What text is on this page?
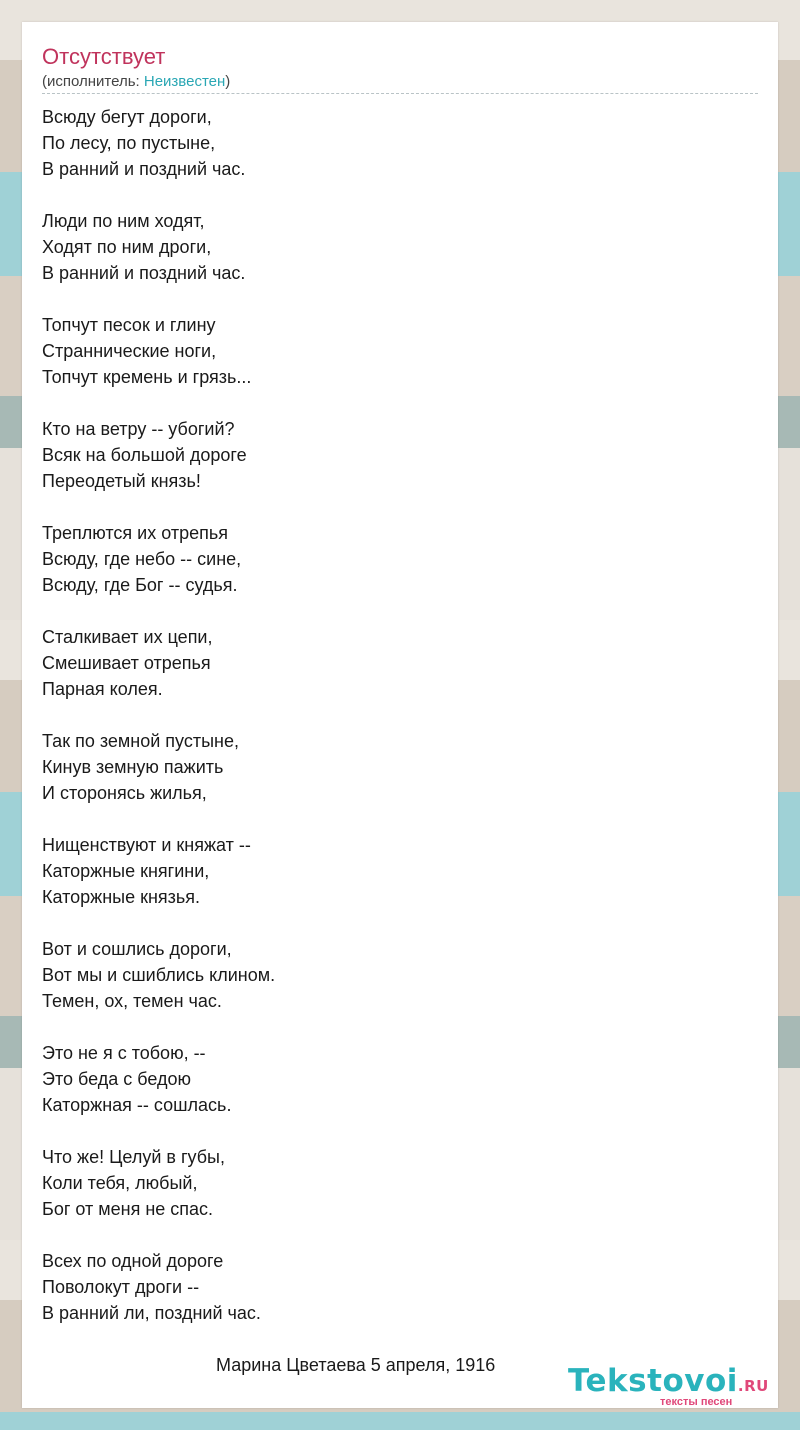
Отсутствует
(исполнитель: Неизвестен)
Всюду бегут дороги,
По лесу, по пустыне,
В ранний и поздний час.
Люди по ним ходят,
Ходят по ним дроги,
В ранний и поздний час.
Топчут песок и глину
Страннические ноги,
Топчут кремень и грязь...
Кто на ветру -- убогий?
Всяк на большой дороге
Переодетый князь!
Треплются их отрепья
Всюду, где небо -- сине,
Всюду, где Бог -- судья.
Сталкивает их цепи,
Смешивает отрепья
Парная колея.
Так по земной пустыне,
Кинув земную пажить
И сторонясь жилья,
Нищенствуют и княжат --
Каторжные княгини,
Каторжные князья.
Вот и сошлись дороги,
Вот мы и сшиблись клином.
Темен, ох, темен час.
Это не я с тобою, --
Это беда с бедою
Каторжная -- сошлась.
Что же! Целуй в губы,
Коли тебя, любый,
Бог от меня не спас.
Всех по одной дороге
Поволокут дроги --
В ранний ли, поздний час.
Марина Цветаева 5 апреля, 1916 Tekstovoi.RU
тексты песен
